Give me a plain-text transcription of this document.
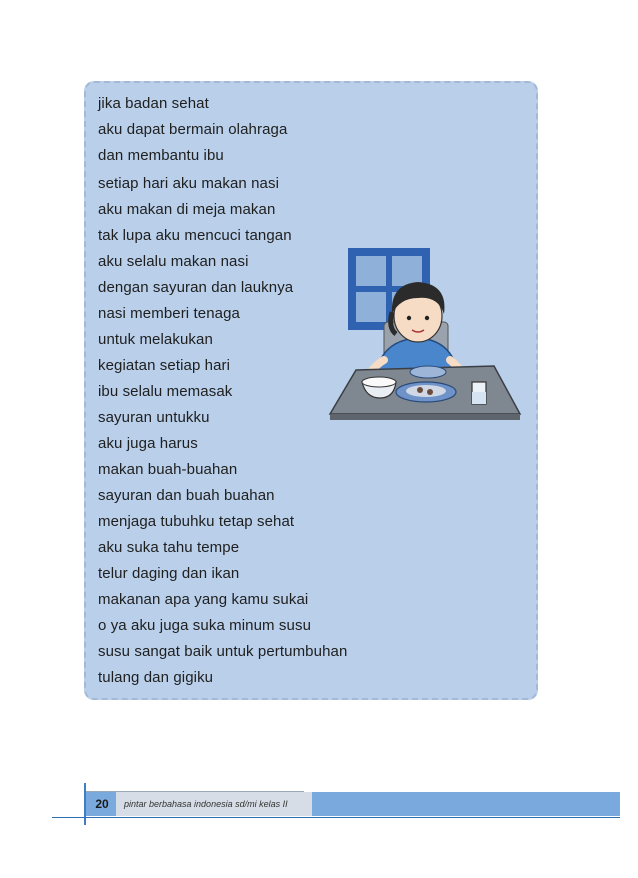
jika badan sehat
aku dapat bermain olahraga
dan membantu ibu
setiap hari aku makan nasi
aku makan di meja makan
tak lupa aku mencuci tangan
aku selalu makan nasi
dengan sayuran dan lauknya
nasi memberi tenaga
untuk melakukan
kegiatan setiap hari
ibu selalu memasak
sayuran untukku
aku juga harus
makan buah-buahan
sayuran dan buah buahan
menjaga tubuhku tetap sehat
aku suka tahu tempe
telur daging dan ikan
makanan apa yang kamu sukai
o ya aku juga suka minum susu
susu sangat baik untuk pertumbuhan
tulang dan gigiku
20	pintar berbahasa indonesia sd/mi kelas II
